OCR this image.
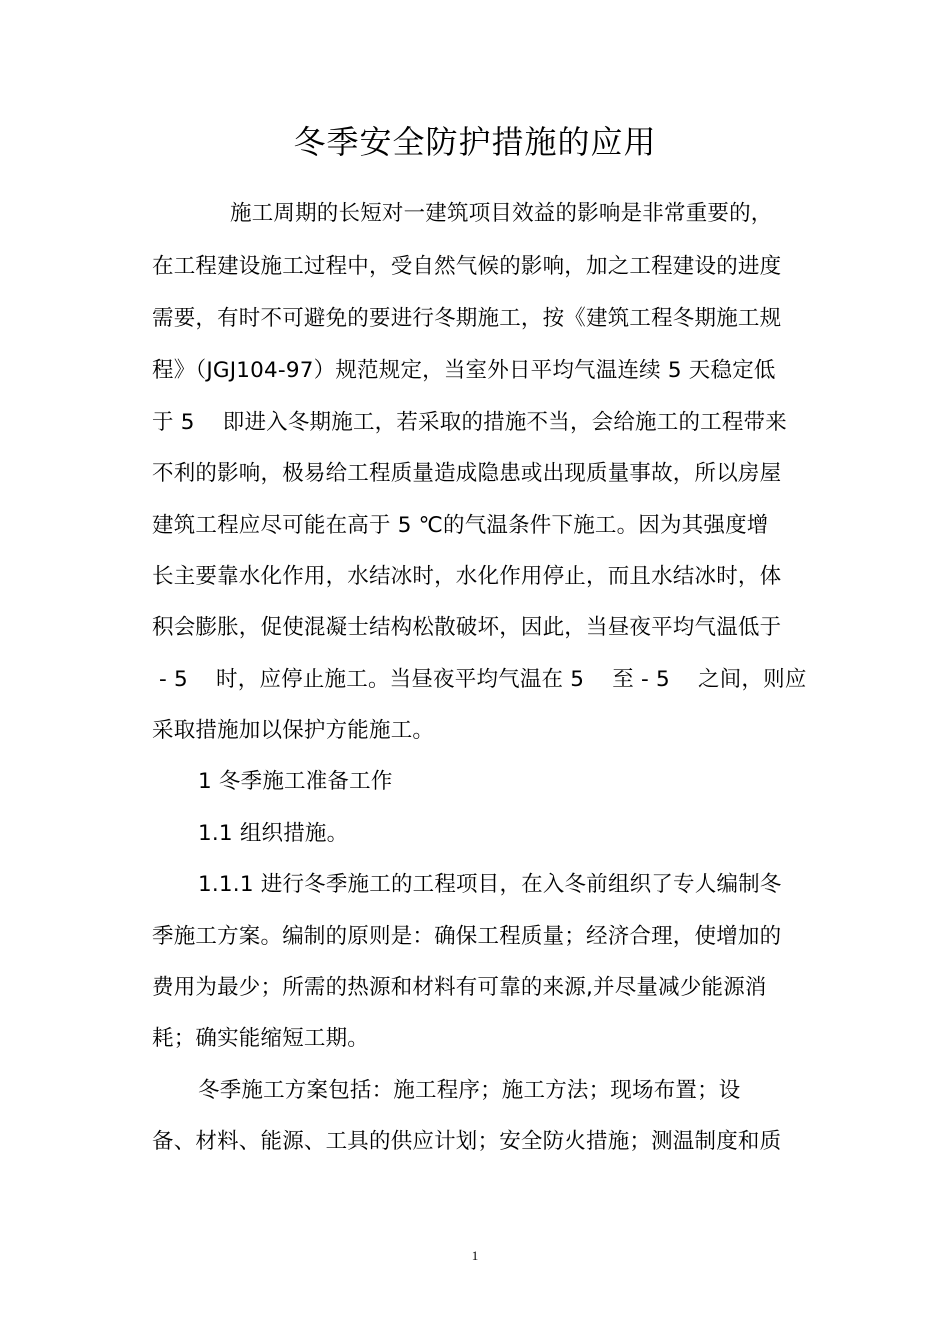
冬季安全防护措施的应用
施工周期的长短对一建筑项目效益的影响是非常重要的，
在工程建设施工过程中，受自然气候的影响，加之工程建设的进度
需要，有时不可避免的要进行冬期施工，按《建筑工程冬期施工规
程》（JGJ104-97）规范规定，当室外日平均气温连续 5 天稳定低
于 5    即进入冬期施工，若采取的措施不当，会给施工的工程带来
不利的影响，极易给工程质量造成隐患或出现质量事故，所以房屋
建筑工程应尽可能在高于 5 ℃的气温条件下施工。因为其强度增
长主要靠水化作用，水结冰时，水化作用停止，而且水结冰时，体
积会膨胀，促使混凝士结构松散破坏，因此，当昼夜平均气温低于
- 5    时，应停止施工。当昼夜平均气温在 5    至 - 5    之间，则应
采取措施加以保护方能施工。
1 冬季施工准备工作
1.1 组织措施。
1.1.1 进行冬季施工的工程项目，在入冬前组织了专人编制冬
季施工方案。编制的原则是：确保工程质量；经济合理，使增加的
费用为最少；所需的热源和材料有可靠的来源,并尽量减少能源消
耗；确实能缩短工期。
冬季施工方案包括：施工程序；施工方法；现场布置；设
备、材料、能源、工具的供应计划；安全防火措施；测温制度和质
1
